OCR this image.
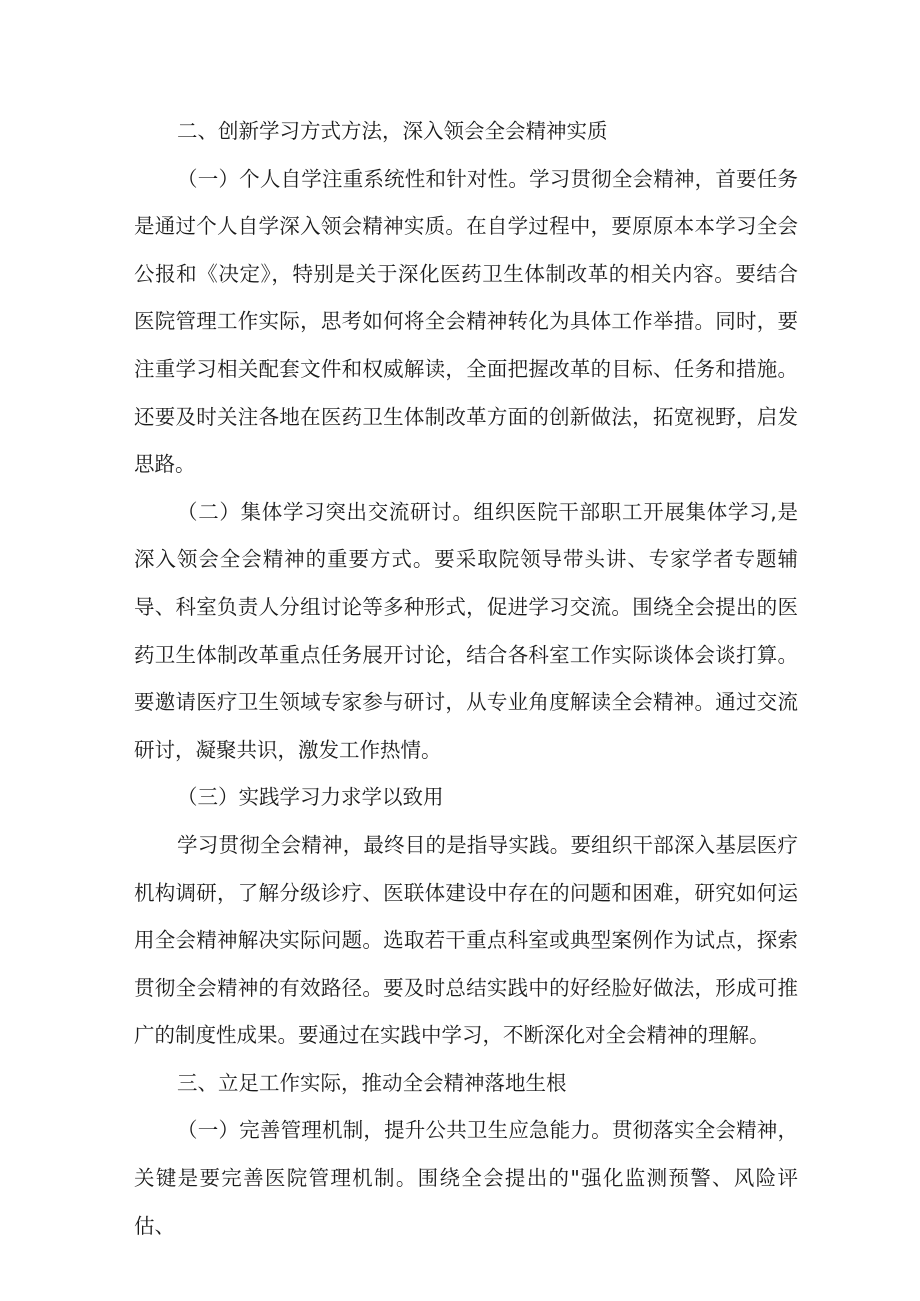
二、创新学习方式方法，深入领会全会精神实质

（一）个人自学注重系统性和针对性。学习贯彻全会精神，首要任务是通过个人自学深入领会精神实质。在自学过程中，要原原本本学习全会公报和《决定》，特别是关于深化医药卫生体制改革的相关内容。要结合医院管理工作实际，思考如何将全会精神转化为具体工作举措。同时，要注重学习相关配套文件和权威解读，全面把握改革的目标、任务和措施。还要及时关注各地在医药卫生体制改革方面的创新做法，拓宽视野，启发思路。

（二）集体学习突出交流研讨。组织医院干部职工开展集体学习,是深入领会全会精神的重要方式。要采取院领导带头讲、专家学者专题辅导、科室负责人分组讨论等多种形式，促进学习交流。围绕全会提出的医药卫生体制改革重点任务展开讨论，结合各科室工作实际谈体会谈打算。要邀请医疗卫生领域专家参与研讨，从专业角度解读全会精神。通过交流研讨，凝聚共识，激发工作热情。

（三）实践学习力求学以致用

学习贯彻全会精神，最终目的是指导实践。要组织干部深入基层医疗机构调研，了解分级诊疗、医联体建设中存在的问题和困难，研究如何运用全会精神解决实际问题。选取若干重点科室或典型案例作为试点，探索贯彻全会精神的有效路径。要及时总结实践中的好经脸好做法，形成可推广的制度性成果。要通过在实践中学习，不断深化对全会精神的理解。

三、立足工作实际，推动全会精神落地生根

（一）完善管理机制，提升公共卫生应急能力。贯彻落实全会精神，关键是要完善医院管理机制。围绕全会提出的"强化监测预警、风险评估、
